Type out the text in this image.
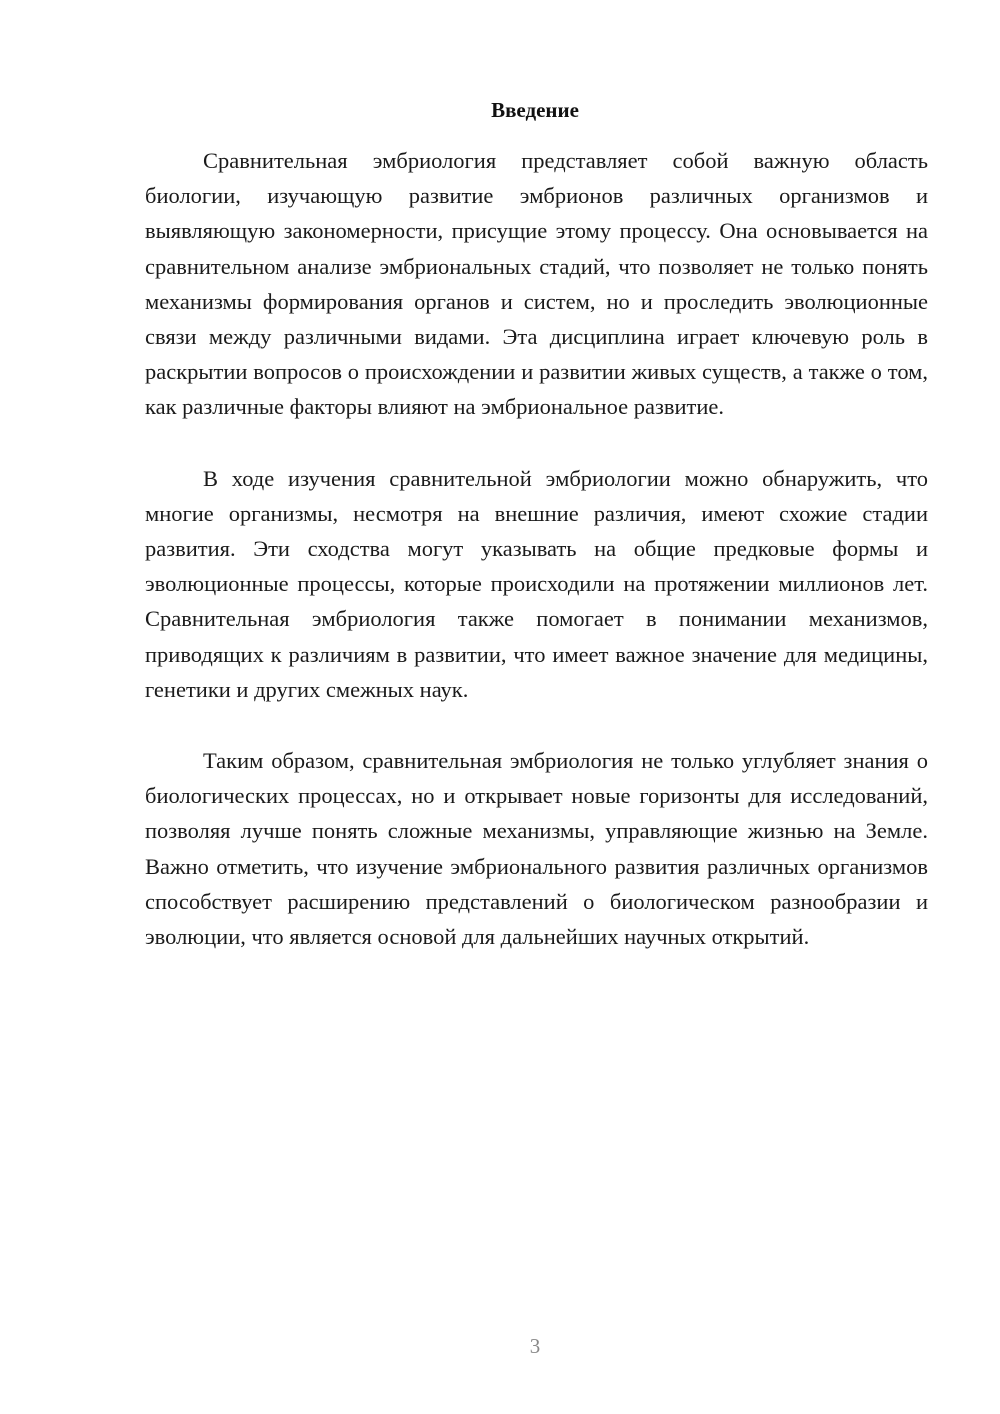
Введение

Сравнительная эмбриология представляет собой важную область биологии, изучающую развитие эмбрионов различных организмов и выявляющую закономерности, присущие этому процессу. Она основывается на сравнительном анализе эмбриональных стадий, что позволяет не только понять механизмы формирования органов и систем, но и проследить эволюционные связи между различными видами. Эта дисциплина играет ключевую роль в раскрытии вопросов о происхождении и развитии живых существ, а также о том, как различные факторы влияют на эмбриональное развитие.

В ходе изучения сравнительной эмбриологии можно обнаружить, что многие организмы, несмотря на внешние различия, имеют схожие стадии развития. Эти сходства могут указывать на общие предковые формы и эволюционные процессы, которые происходили на протяжении миллионов лет. Сравнительная эмбриология также помогает в понимании механизмов, приводящих к различиям в развитии, что имеет важное значение для медицины, генетики и других смежных наук.

Таким образом, сравнительная эмбриология не только углубляет знания о биологических процессах, но и открывает новые горизонты для исследований, позволяя лучше понять сложные механизмы, управляющие жизнью на Земле. Важно отметить, что изучение эмбрионального развития различных организмов способствует расширению представлений о биологическом разнообразии и эволюции, что является основой для дальнейших научных открытий.

3
